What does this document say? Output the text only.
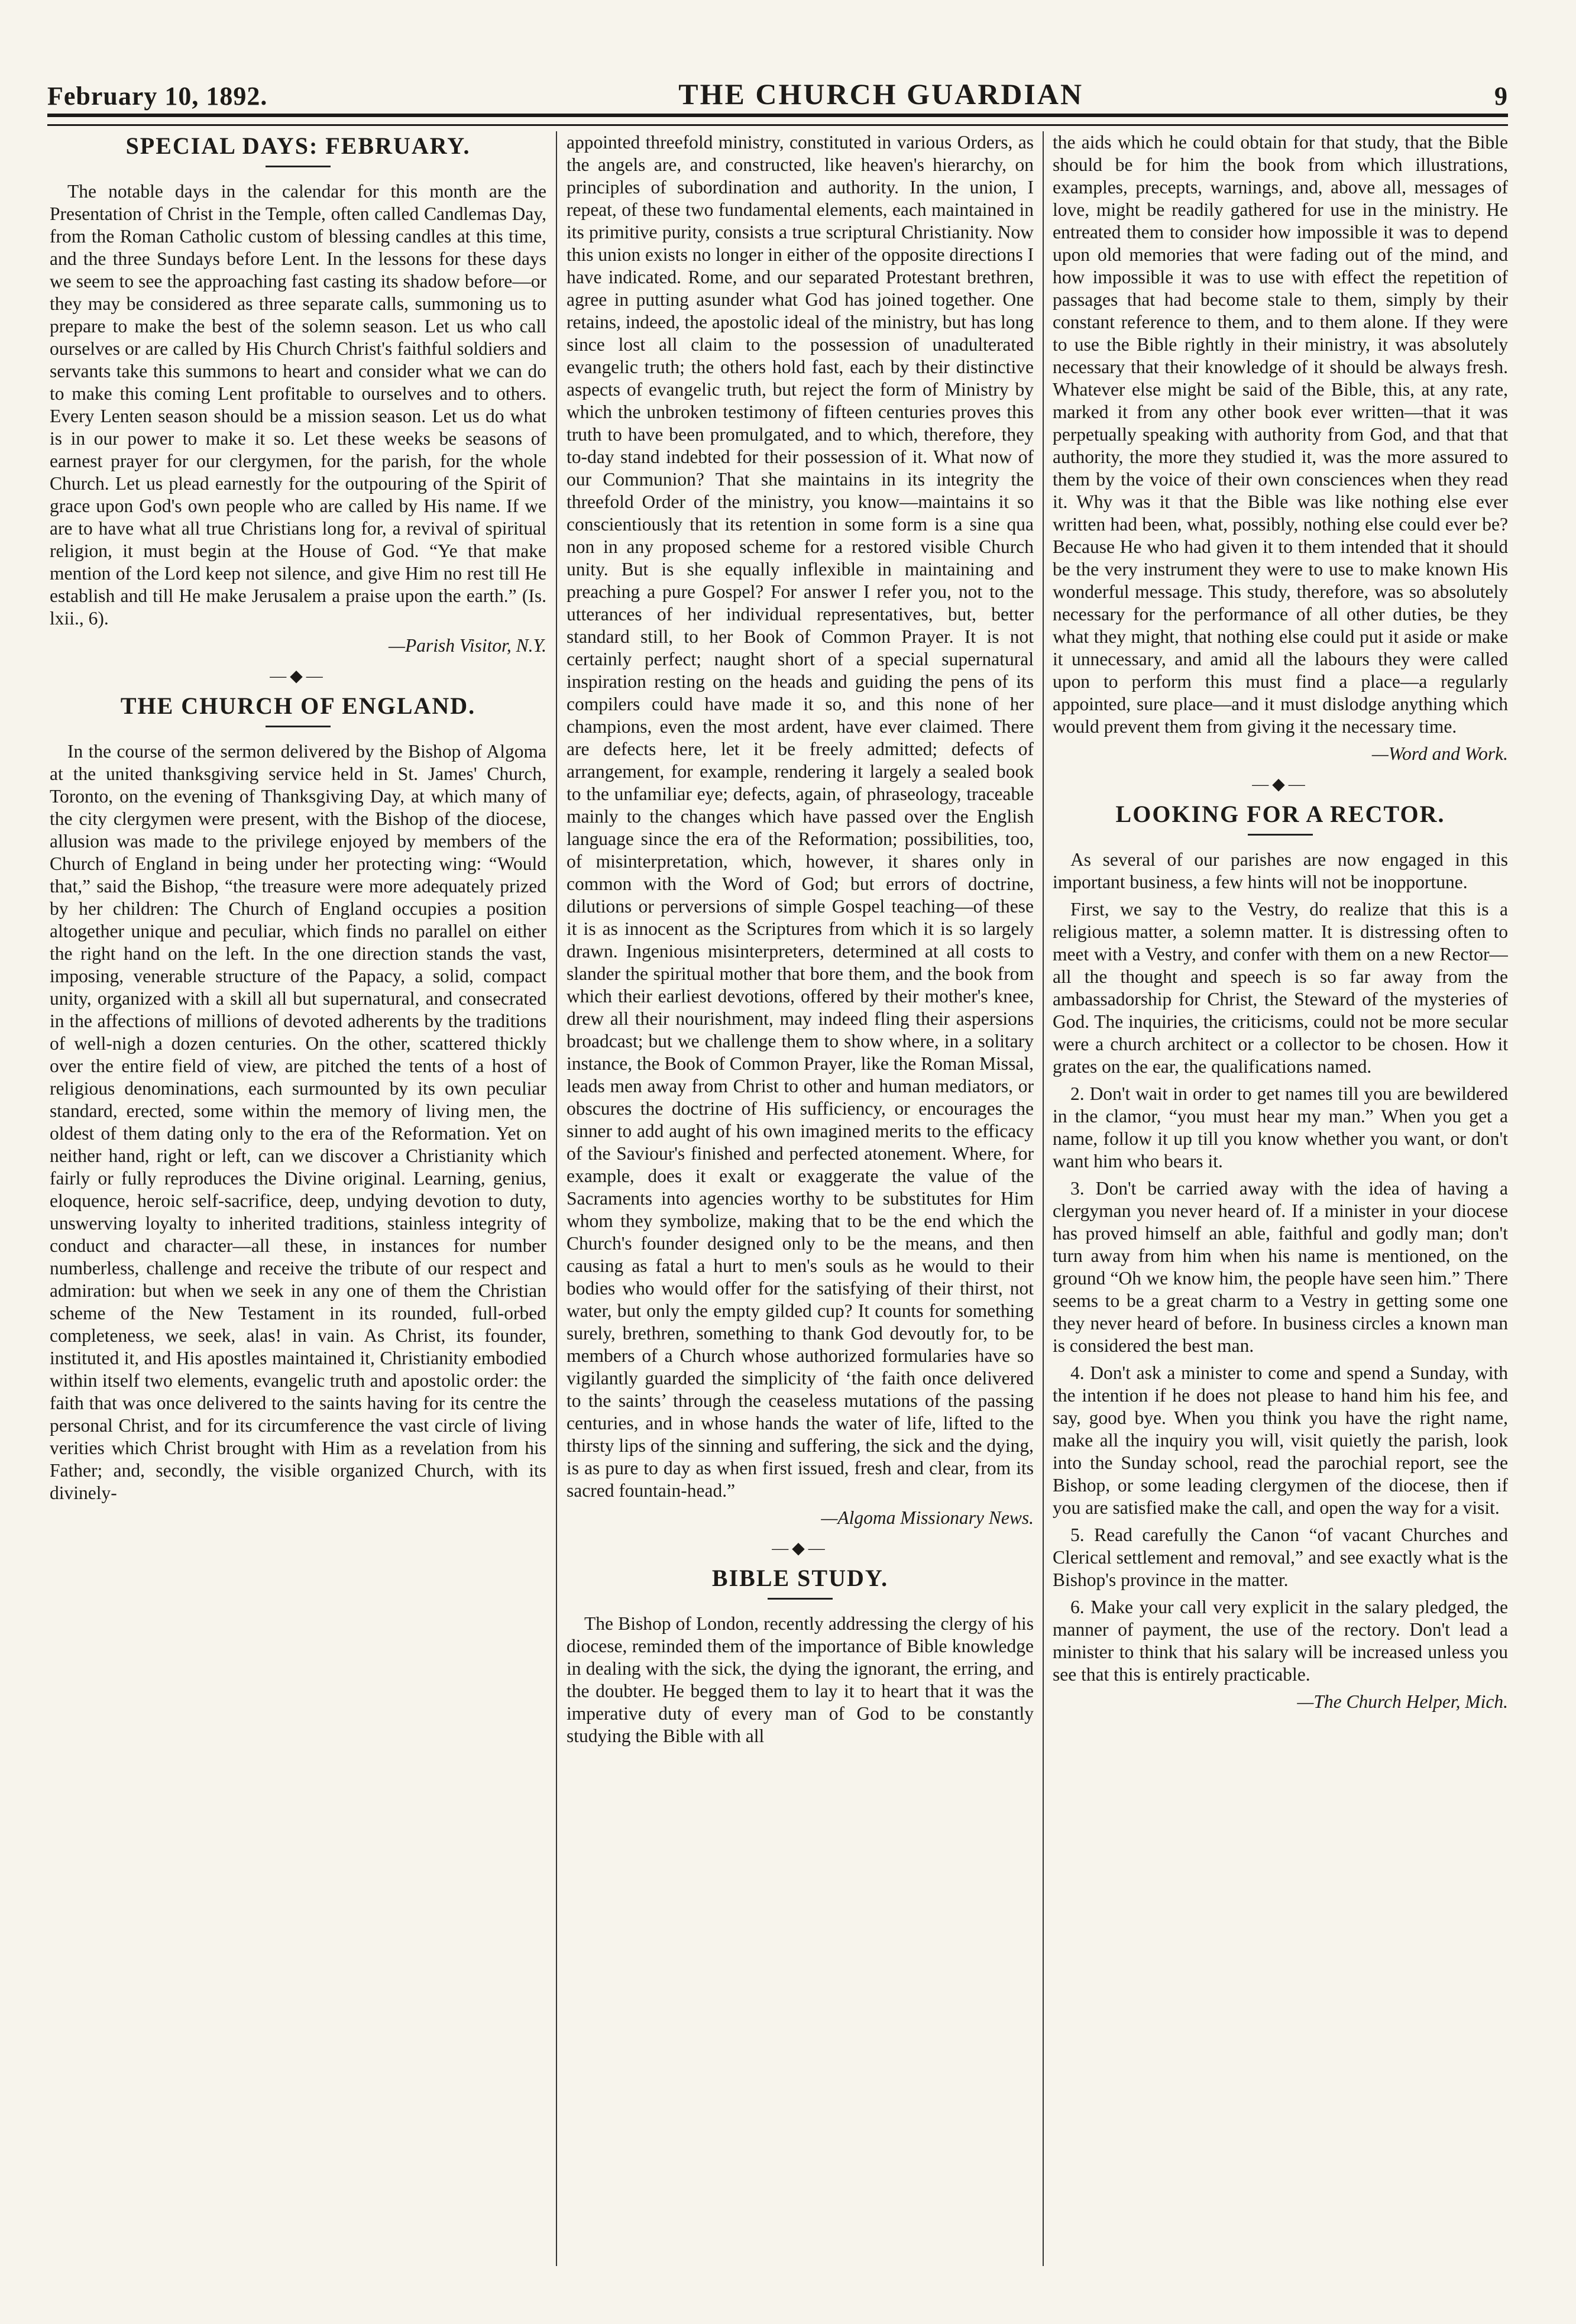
February 10, 1892.	THE CHURCH GUARDIAN	9
SPECIAL DAYS: FEBRUARY.

The notable days in the calendar for this month are the Presentation of Christ in the Temple, often called Candlemas Day, from the Roman Catholic custom of blessing candles at this time, and the three Sundays before Lent. In the lessons for these days we seem to see the approaching fast casting its shadow before—or they may be considered as three separate calls, summoning us to prepare to make the best of the solemn season. Let us who call ourselves or are called by His Church Christ's faithful soldiers and servants take this summons to heart and consider what we can do to make this coming Lent profitable to ourselves and to others. Every Lenten season should be a mission season. Let us do what is in our power to make it so. Let these weeks be seasons of earnest prayer for our clergymen, for the parish, for the whole Church. Let us plead earnestly for the outpouring of the Spirit of grace upon God's own people who are called by His name. If we are to have what all true Christians long for, a revival of spiritual religion, it must begin at the House of God. “Ye that make mention of the Lord keep not silence, and give Him no rest till He establish and till He make Jerusalem a praise upon the earth.” (Is. lxii., 6).

—Parish Visitor, N.Y.

—◆—
THE CHURCH OF ENGLAND.

In the course of the sermon delivered by the Bishop of Algoma at the united thanksgiving service held in St. James' Church, Toronto, on the evening of Thanksgiving Day, at which many of the city clergymen were present, with the Bishop of the diocese, allusion was made to the privilege enjoyed by members of the Church of England in being under her protecting wing: “Would that,” said the Bishop, “the treasure were more adequately prized by her children: The Church of England occupies a position altogether unique and peculiar, which finds no parallel on either the right hand on the left. In the one direction stands the vast, imposing, venerable structure of the Papacy, a solid, compact unity, organized with a skill all but supernatural, and consecrated in the affections of millions of devoted adherents by the traditions of well-nigh a dozen centuries. On the other, scattered thickly over the entire field of view, are pitched the tents of a host of religious denominations, each surmounted by its own peculiar standard, erected, some within the memory of living men, the oldest of them dating only to the era of the Reformation. Yet on neither hand, right or left, can we discover a Christianity which fairly or fully reproduces the Divine original. Learning, genius, eloquence, heroic self-sacrifice, deep, undying devotion to duty, unswerving loyalty to inherited traditions, stainless integrity of conduct and character—all these, in instances for number numberless, challenge and receive the tribute of our respect and admiration: but when we seek in any one of them the Christian scheme of the New Testament in its rounded, full-orbed completeness, we seek, alas! in vain. As Christ, its founder, instituted it, and His apostles maintained it, Christianity embodied within itself two elements, evangelic truth and apostolic order: the faith that was once delivered to the saints having for its centre the personal Christ, and for its circumference the vast circle of living verities which Christ brought with Him as a revelation from his Father; and, secondly, the visible organized Church, with its divinely-

appointed threefold ministry, constituted in various Orders, as the angels are, and constructed, like heaven's hierarchy, on principles of subordination and authority. In the union, I repeat, of these two fundamental elements, each maintained in its primitive purity, consists a true scriptural Christianity. Now this union exists no longer in either of the opposite directions I have indicated. Rome, and our separated Protestant brethren, agree in putting asunder what God has joined together. One retains, indeed, the apostolic ideal of the ministry, but has long since lost all claim to the possession of unadulterated evangelic truth; the others hold fast, each by their distinctive aspects of evangelic truth, but reject the form of Ministry by which the unbroken testimony of fifteen centuries proves this truth to have been promulgated, and to which, therefore, they to-day stand indebted for their possession of it. What now of our Communion? That she maintains in its integrity the threefold Order of the ministry, you know—maintains it so conscientiously that its retention in some form is a sine qua non in any proposed scheme for a restored visible Church unity. But is she equally inflexible in maintaining and preaching a pure Gospel? For answer I refer you, not to the utterances of her individual representatives, but, better standard still, to her Book of Common Prayer. It is not certainly perfect; naught short of a special supernatural inspiration resting on the heads and guiding the pens of its compilers could have made it so, and this none of her champions, even the most ardent, have ever claimed. There are defects here, let it be freely admitted; defects of arrangement, for example, rendering it largely a sealed book to the unfamiliar eye; defects, again, of phraseology, traceable mainly to the changes which have passed over the English language since the era of the Reformation; possibilities, too, of misinterpretation, which, however, it shares only in common with the Word of God; but errors of doctrine, dilutions or perversions of simple Gospel teaching—of these it is as innocent as the Scriptures from which it is so largely drawn. Ingenious misinterpreters, determined at all costs to slander the spiritual mother that bore them, and the book from which their earliest devotions, offered by their mother's knee, drew all their nourishment, may indeed fling their aspersions broadcast; but we challenge them to show where, in a solitary instance, the Book of Common Prayer, like the Roman Missal, leads men away from Christ to other and human mediators, or obscures the doctrine of His sufficiency, or encourages the sinner to add aught of his own imagined merits to the efficacy of the Saviour's finished and perfected atonement. Where, for example, does it exalt or exaggerate the value of the Sacraments into agencies worthy to be substitutes for Him whom they symbolize, making that to be the end which the Church's founder designed only to be the means, and then causing as fatal a hurt to men's souls as he would to their bodies who would offer for the satisfying of their thirst, not water, but only the empty gilded cup? It counts for something surely, brethren, something to thank God devoutly for, to be members of a Church whose authorized formularies have so vigilantly guarded the simplicity of ‘the faith once delivered to the saints’ through the ceaseless mutations of the passing centuries, and in whose hands the water of life, lifted to the thirsty lips of the sinning and suffering, the sick and the dying, is as pure to day as when first issued, fresh and clear, from its sacred fountain-head.”

—Algoma Missionary News.

—◆—
BIBLE STUDY.

The Bishop of London, recently addressing the clergy of his diocese, reminded them of the importance of Bible knowledge in dealing with the sick, the dying the ignorant, the erring, and the doubter. He begged them to lay it to heart that it was the imperative duty of every man of God to be constantly studying the Bible with all

the aids which he could obtain for that study, that the Bible should be for him the book from which illustrations, examples, precepts, warnings, and, above all, messages of love, might be readily gathered for use in the ministry. He entreated them to consider how impossible it was to depend upon old memories that were fading out of the mind, and how impossible it was to use with effect the repetition of passages that had become stale to them, simply by their constant reference to them, and to them alone. If they were to use the Bible rightly in their ministry, it was absolutely necessary that their knowledge of it should be always fresh. Whatever else might be said of the Bible, this, at any rate, marked it from any other book ever written—that it was perpetually speaking with authority from God, and that that authority, the more they studied it, was the more assured to them by the voice of their own consciences when they read it. Why was it that the Bible was like nothing else ever written had been, what, possibly, nothing else could ever be? Because He who had given it to them intended that it should be the very instrument they were to use to make known His wonderful message. This study, therefore, was so absolutely necessary for the performance of all other duties, be they what they might, that nothing else could put it aside or make it unnecessary, and amid all the labours they were called upon to perform this must find a place—a regularly appointed, sure place—and it must dislodge anything which would prevent them from giving it the necessary time.

—Word and Work.

—◆—
LOOKING FOR A RECTOR.

As several of our parishes are now engaged in this important business, a few hints will not be inopportune.

First, we say to the Vestry, do realize that this is a religious matter, a solemn matter. It is distressing often to meet with a Vestry, and confer with them on a new Rector—all the thought and speech is so far away from the ambassadorship for Christ, the Steward of the mysteries of God. The inquiries, the criticisms, could not be more secular were a church architect or a collector to be chosen. How it grates on the ear, the qualifications named.

2. Don't wait in order to get names till you are bewildered in the clamor, “you must hear my man.” When you get a name, follow it up till you know whether you want, or don't want him who bears it.

3. Don't be carried away with the idea of having a clergyman you never heard of. If a minister in your diocese has proved himself an able, faithful and godly man; don't turn away from him when his name is mentioned, on the ground “Oh we know him, the people have seen him.” There seems to be a great charm to a Vestry in getting some one they never heard of before. In business circles a known man is considered the best man.

4. Don't ask a minister to come and spend a Sunday, with the intention if he does not please to hand him his fee, and say, good bye. When you think you have the right name, make all the inquiry you will, visit quietly the parish, look into the Sunday school, read the parochial report, see the Bishop, or some leading clergymen of the diocese, then if you are satisfied make the call, and open the way for a visit.

5. Read carefully the Canon “of vacant Churches and Clerical settlement and removal,” and see exactly what is the Bishop's province in the matter.

6. Make your call very explicit in the salary pledged, the manner of payment, the use of the rectory. Don't lead a minister to think that his salary will be increased unless you see that this is entirely practicable.

—The Church Helper, Mich.
